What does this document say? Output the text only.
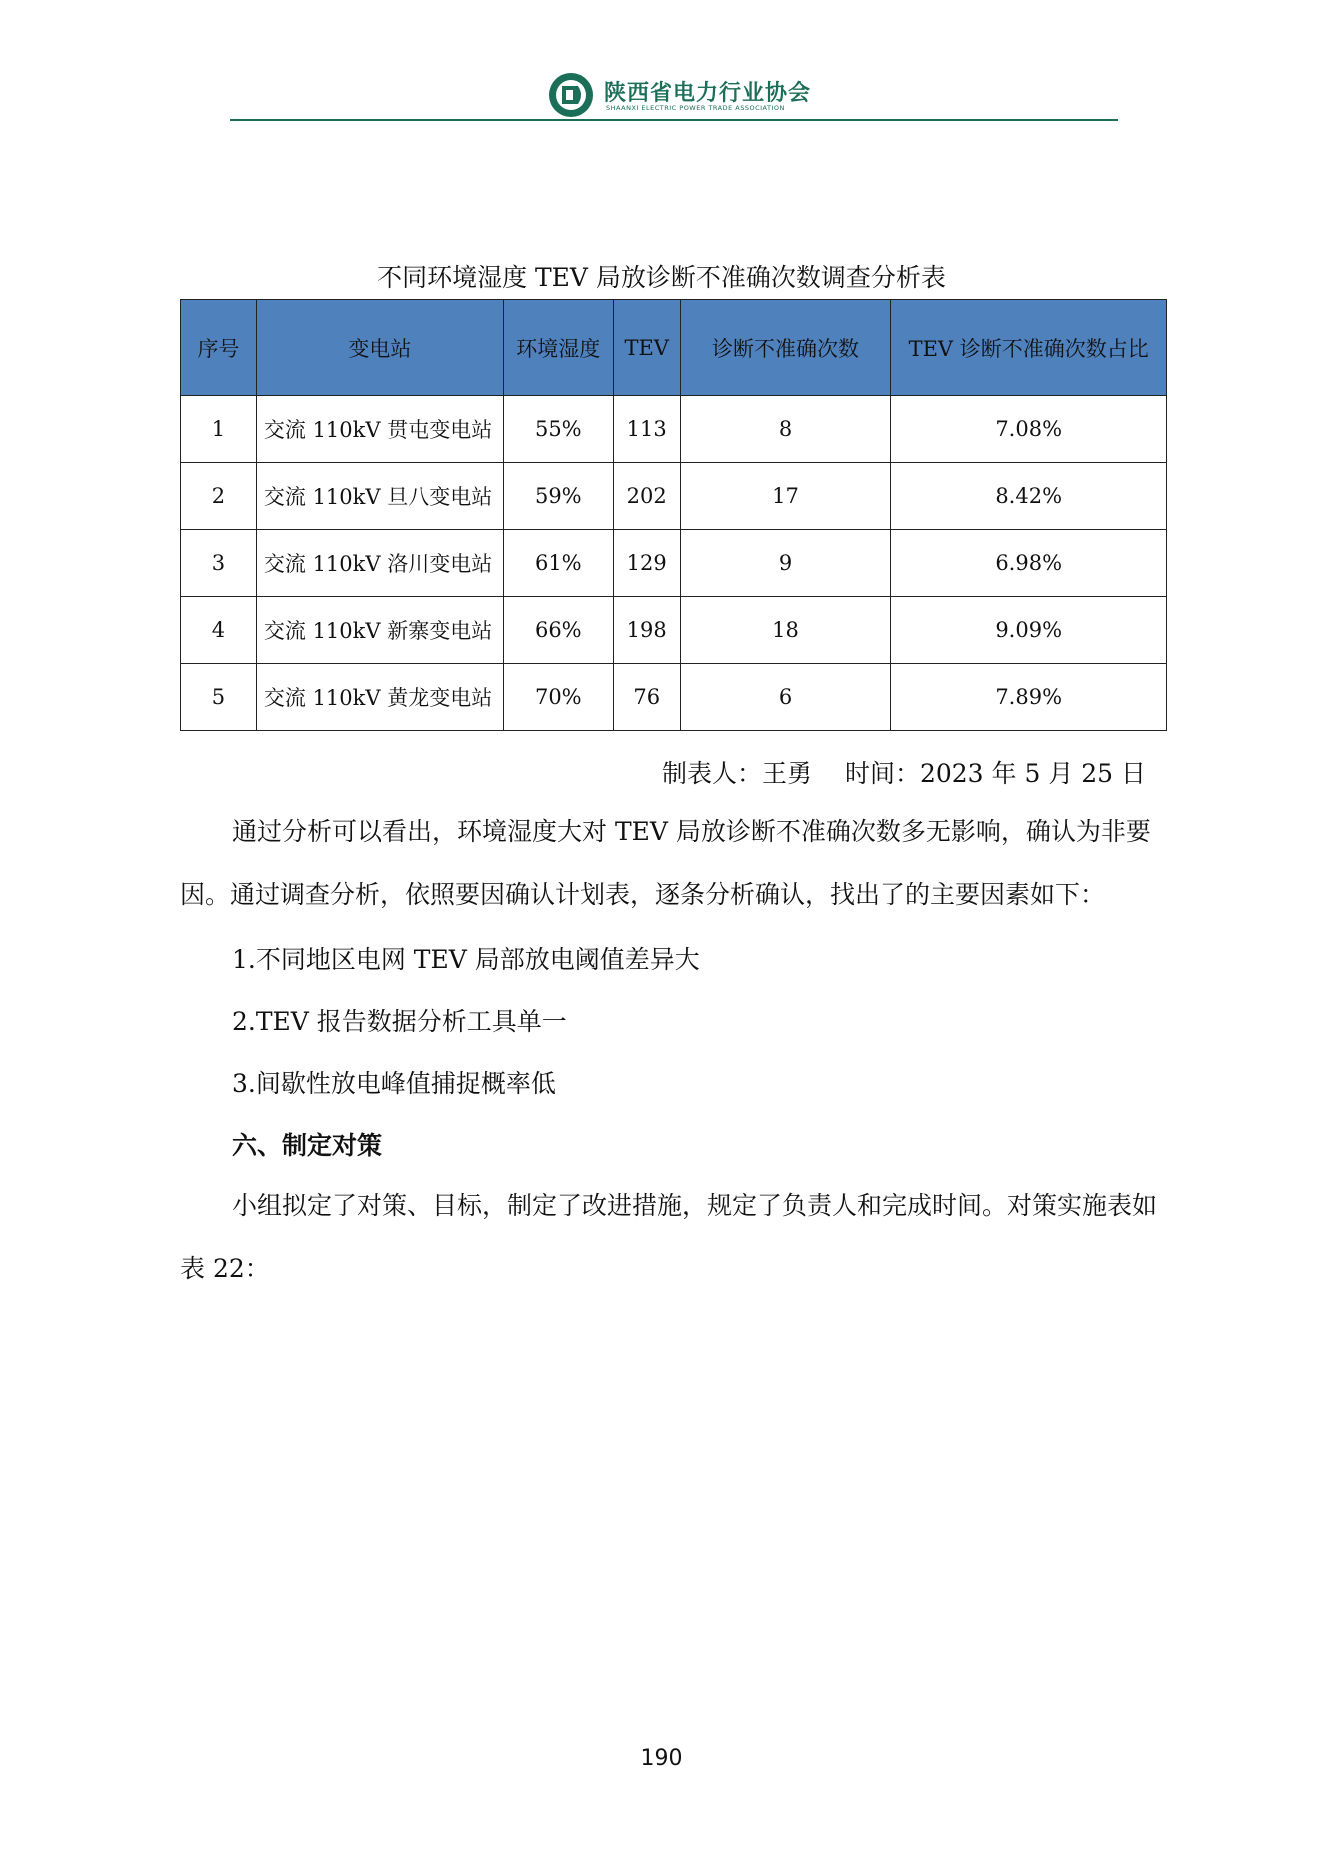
陕西省电力行业协会
SHAANXI ELECTRIC POWER TRADE ASSOCIATION
不同环境湿度 TEV 局放诊断不准确次数调查分析表
序号	变电站	环境湿度	TEV	诊断不准确次数	TEV 诊断不准确次数占比
1	交流 110kV 贯屯变电站	55%	113	8	7.08%
2	交流 110kV 旦八变电站	59%	202	17	8.42%
3	交流 110kV 洛川变电站	61%	129	9	6.98%
4	交流 110kV 新寨变电站	66%	198	18	9.09%
5	交流 110kV 黄龙变电站	70%	76	6	7.89%
制表人：王勇　 时间：2023 年 5 月 25 日
通过分析可以看出，环境湿度大对 TEV 局放诊断不准确次数多无影响，确认为非要因。通过调查分析，依照要因确认计划表，逐条分析确认，找出了的主要因素如下：
1.不同地区电网 TEV 局部放电阈值差异大
2.TEV 报告数据分析工具单一
3.间歇性放电峰值捕捉概率低
六、制定对策
小组拟定了对策、目标，制定了改进措施，规定了负责人和完成时间。对策实施表如表 22：
190
